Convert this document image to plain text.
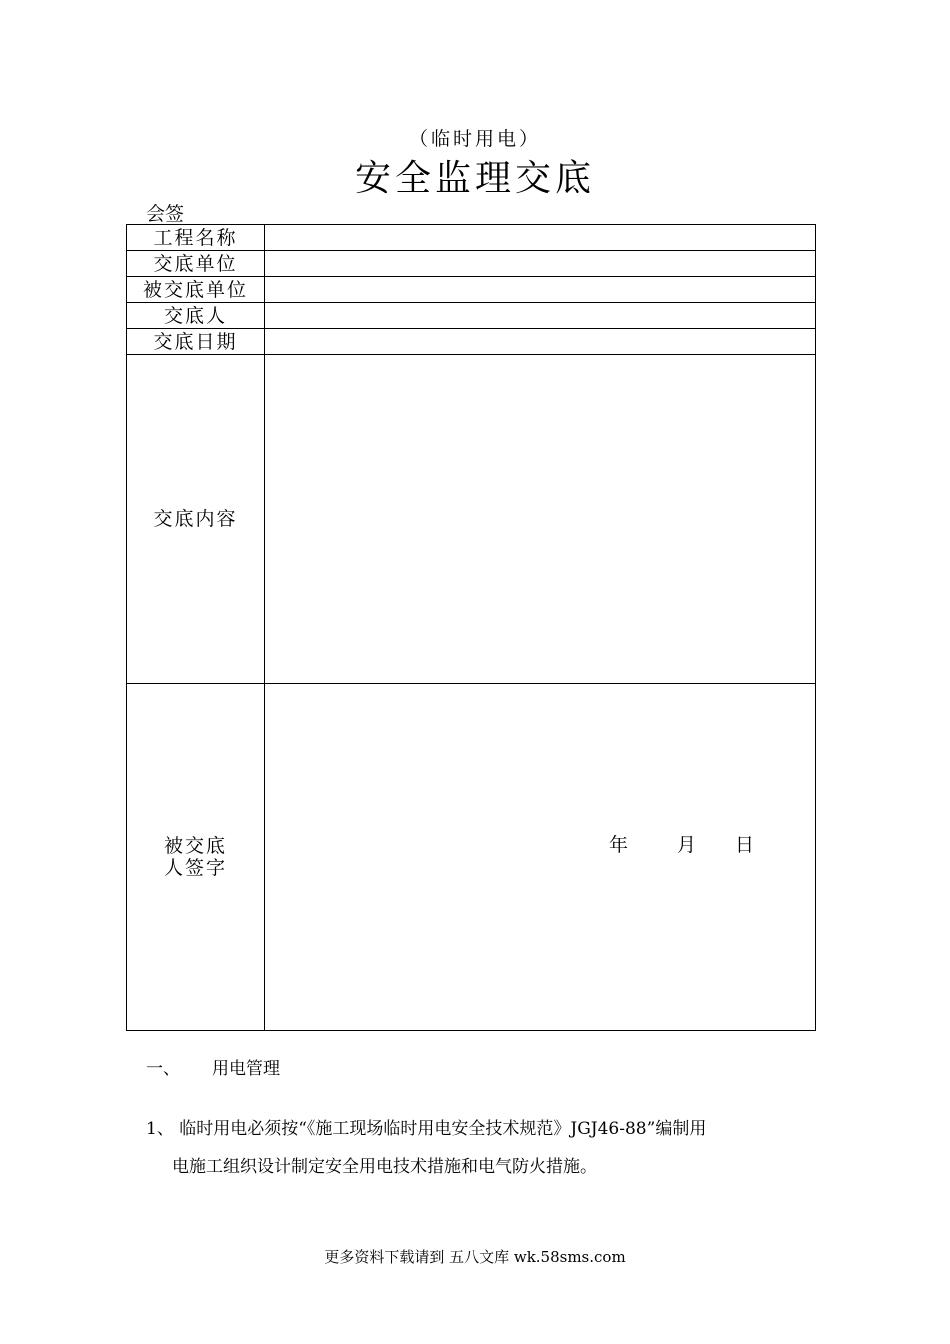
（临时用电）
安全监理交底
会签
工程名称	
交底单位	
被交底单位	
交底人	
交底日期	
交底内容	

被交底
人签字	年 月 日
一、 用电管理
1、 临时用电必须按“《施工现场临时用电安全技术规范》JGJ46-88”编制用
电施工组织设计制定安全用电技术措施和电气防火措施。
更多资料下载请到 五八文库 wk.58sms.com
